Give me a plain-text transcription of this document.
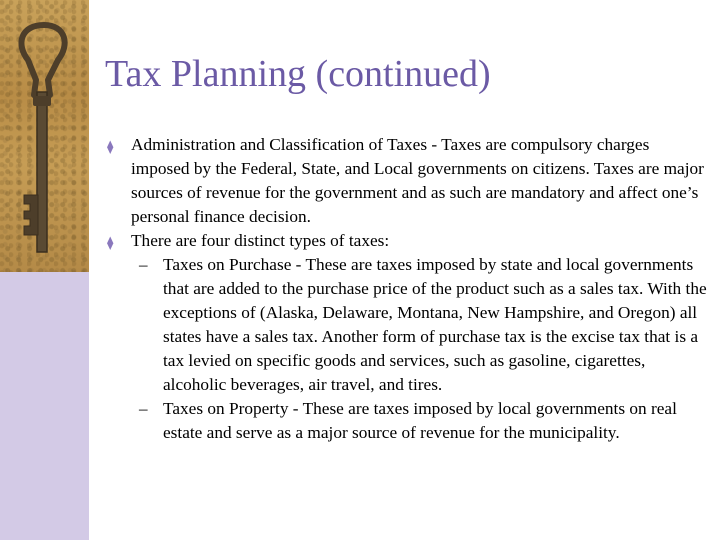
Tax Planning (continued)

⧫	Administration and Classification of Taxes - Taxes are compulsory charges imposed by the Federal, State, and Local governments on citizens. Taxes are major sources of revenue for the government and as such are mandatory and affect one’s personal finance decision.

⧫	There are four distinct types of taxes:

– Taxes on Purchase - These are taxes imposed by state and local governments that are added to the purchase price of the product such as a sales tax. With the exceptions of (Alaska, Delaware, Montana, New Hampshire, and Oregon) all states have a sales tax. Another form of purchase tax is the excise tax that is a tax levied on specific goods and services, such as gasoline, cigarettes, alcoholic beverages, air travel, and tires.

– Taxes on Property - These are taxes imposed by local governments on real estate and serve as a major source of revenue for the municipality.
